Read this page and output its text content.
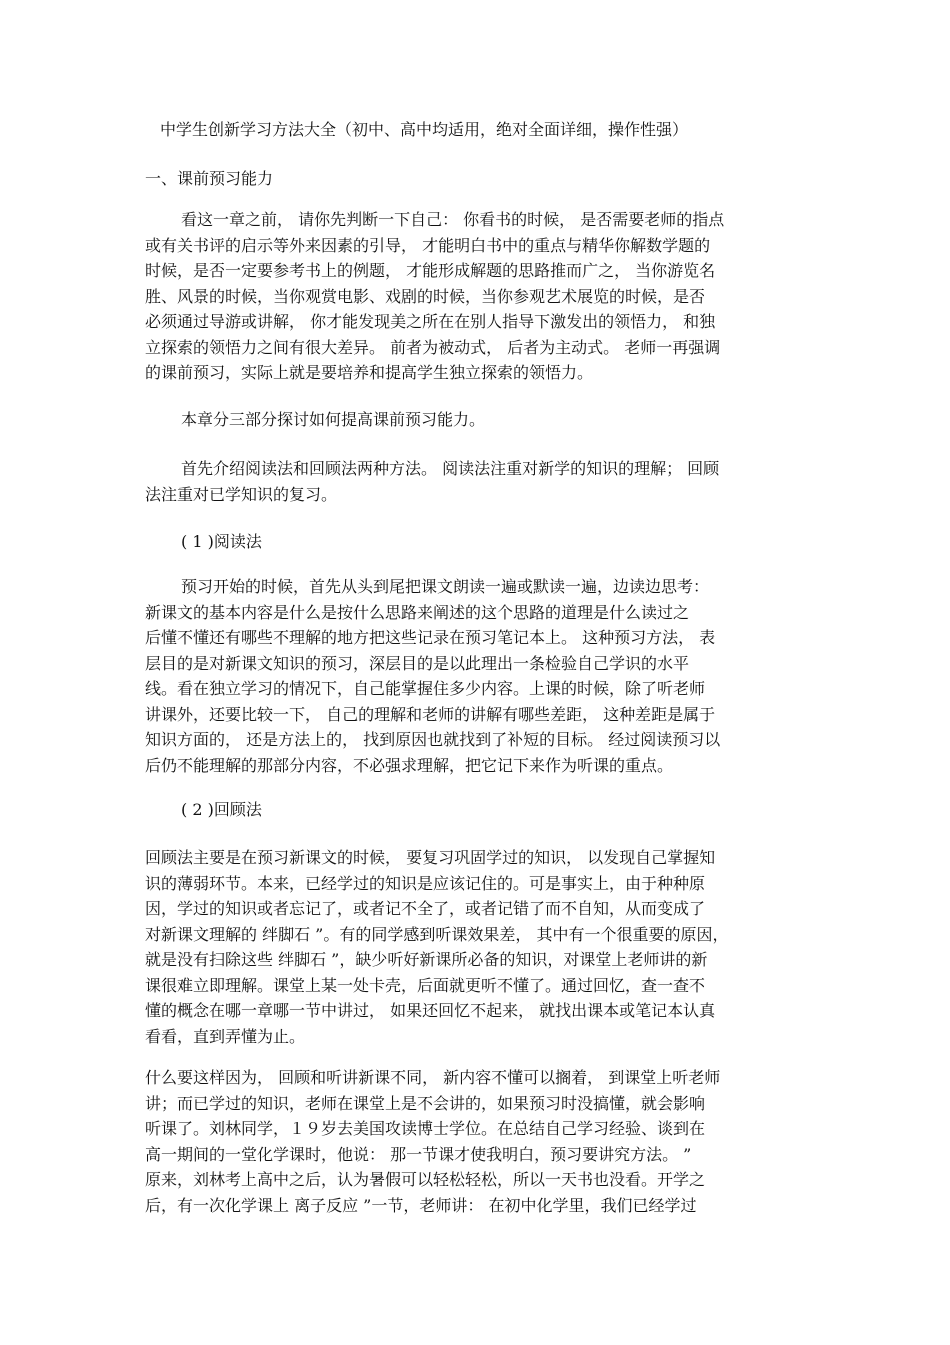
中学生创新学习方法大全（初中、高中均适用，绝对全面详细，操作性强）
一、课前预习能力
看这一章之前， 请你先判断一下自己： 你看书的时候， 是否需要老师的指点
或有关书评的启示等外来因素的引导， 才能明白书中的重点与精华你解数学题的
时候，是否一定要参考书上的例题， 才能形成解题的思路推而广之， 当你游览名
胜、风景的时候，当你观赏电影、戏剧的时候，当你参观艺术展览的时候，是否
必须通过导游或讲解， 你才能发现美之所在在别人指导下激发出的领悟力， 和独
立探索的领悟力之间有很大差异。 前者为被动式， 后者为主动式。 老师一再强调
的课前预习，实际上就是要培养和提高学生独立探索的领悟力。
本章分三部分探讨如何提高课前预习能力。
首先介绍阅读法和回顾法两种方法。 阅读法注重对新学的知识的理解； 回顾
法注重对已学知识的复习。
( 1 )阅读法
预习开始的时候，首先从头到尾把课文朗读一遍或默读一遍，边读边思考：
新课文的基本内容是什么是按什么思路来阐述的这个思路的道理是什么读过之
后懂不懂还有哪些不理解的地方把这些记录在预习笔记本上。 这种预习方法， 表
层目的是对新课文知识的预习，深层目的是以此理出一条检验自己学识的水平
线。看在独立学习的情况下，自己能掌握住多少内容。上课的时候，除了听老师
讲课外，还要比较一下， 自己的理解和老师的讲解有哪些差距， 这种差距是属于
知识方面的， 还是方法上的， 找到原因也就找到了补短的目标。 经过阅读预习以
后仍不能理解的那部分内容，不必强求理解，把它记下来作为听课的重点。
( 2 )回顾法
回顾法主要是在预习新课文的时候， 要复习巩固学过的知识， 以发现自己掌握知
识的薄弱环节。本来，已经学过的知识是应该记住的。可是事实上，由于种种原
因，学过的知识或者忘记了，或者记不全了，或者记错了而不自知，从而变成了
对新课文理解的 绊脚石 ”。有的同学感到听课效果差， 其中有一个很重要的原因，
就是没有扫除这些 绊脚石 ”，缺少听好新课所必备的知识，对课堂上老师讲的新
课很难立即理解。课堂上某一处卡壳，后面就更听不懂了。通过回忆，查一查不
懂的概念在哪一章哪一节中讲过， 如果还回忆不起来， 就找出课本或笔记本认真
看看，直到弄懂为止。
什么要这样因为， 回顾和听讲新课不同， 新内容不懂可以搁着， 到课堂上听老师
讲；而已学过的知识，老师在课堂上是不会讲的，如果预习时没搞懂，就会影响
听课了。刘林同学，１９岁去美国攻读博士学位。在总结自己学习经验、谈到在
高一期间的一堂化学课时，他说： 那一节课才使我明白，预习要讲究方法。 ”
原来，刘林考上高中之后，认为暑假可以轻松轻松，所以一天书也没看。开学之
后，有一次化学课上 离子反应 ”一节，老师讲： 在初中化学里，我们已经学过
